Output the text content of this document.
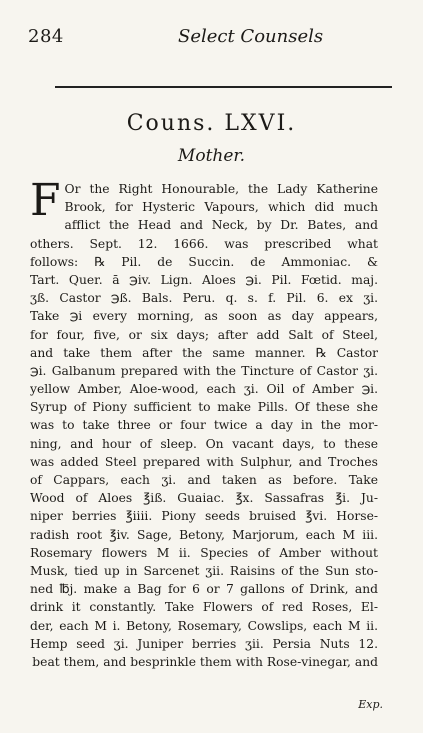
284	Select Counsels
Couns. LXVI.
Mother.
F Or the Right Honourable, the Lady Katherine
Brook, for Hysteric Vapours, which did much
afflict the Head and Neck, by Dr. Bates, and
others. Sept. 12. 1666. was prescribed what
follows: ℞ Pil. de Succin. de Ammoniac. &
Tart. Quer. ā ℈iv. Lign. Aloes ℈i. Pil. Fœtid. maj.
ʒß. Castor ℈ß. Bals. Peru. q. s. f. Pil. 6. ex ʒi.
Take ℈i every morning, as soon as day appears,
for four, five, or six days; after add Salt of Steel,
and take them after the same manner. ℞ Castor
℈i. Galbanum prepared with the Tincture of Castor ʒi.
yellow Amber, Aloe-wood, each ʒi. Oil of Amber ℈i.
Syrup of Piony sufficient to make Pills. Of these she
was to take three or four twice a day in the mor-
ning, and hour of sleep. On vacant days, to these
was added Steel prepared with Sulphur, and Troches
of Cappars, each ʒi. and taken as before. Take
Wood of Aloes ℥iß. Guaiac. ℥x. Sassafras ℥i. Ju-
niper berries ℥iiii. Piony seeds bruised ℥vi. Horse-
radish root ℥iv. Sage, Betony, Marjorum, each M iii.
Rosemary flowers M ii. Species of Amber without
Musk, tied up in Sarcenet ʒii. Raisins of the Sun sto-
ned ℔j. make a Bag for 6 or 7 gallons of Drink, and
drink it constantly. Take Flowers of red Roses, El-
der, each M i. Betony, Rosemary, Cowslips, each M ii.
Hemp seed ʒi. Juniper berries ʒii. Persia Nuts 12.
beat them, and besprinkle them with Rose-vinegar, and
Exp.
